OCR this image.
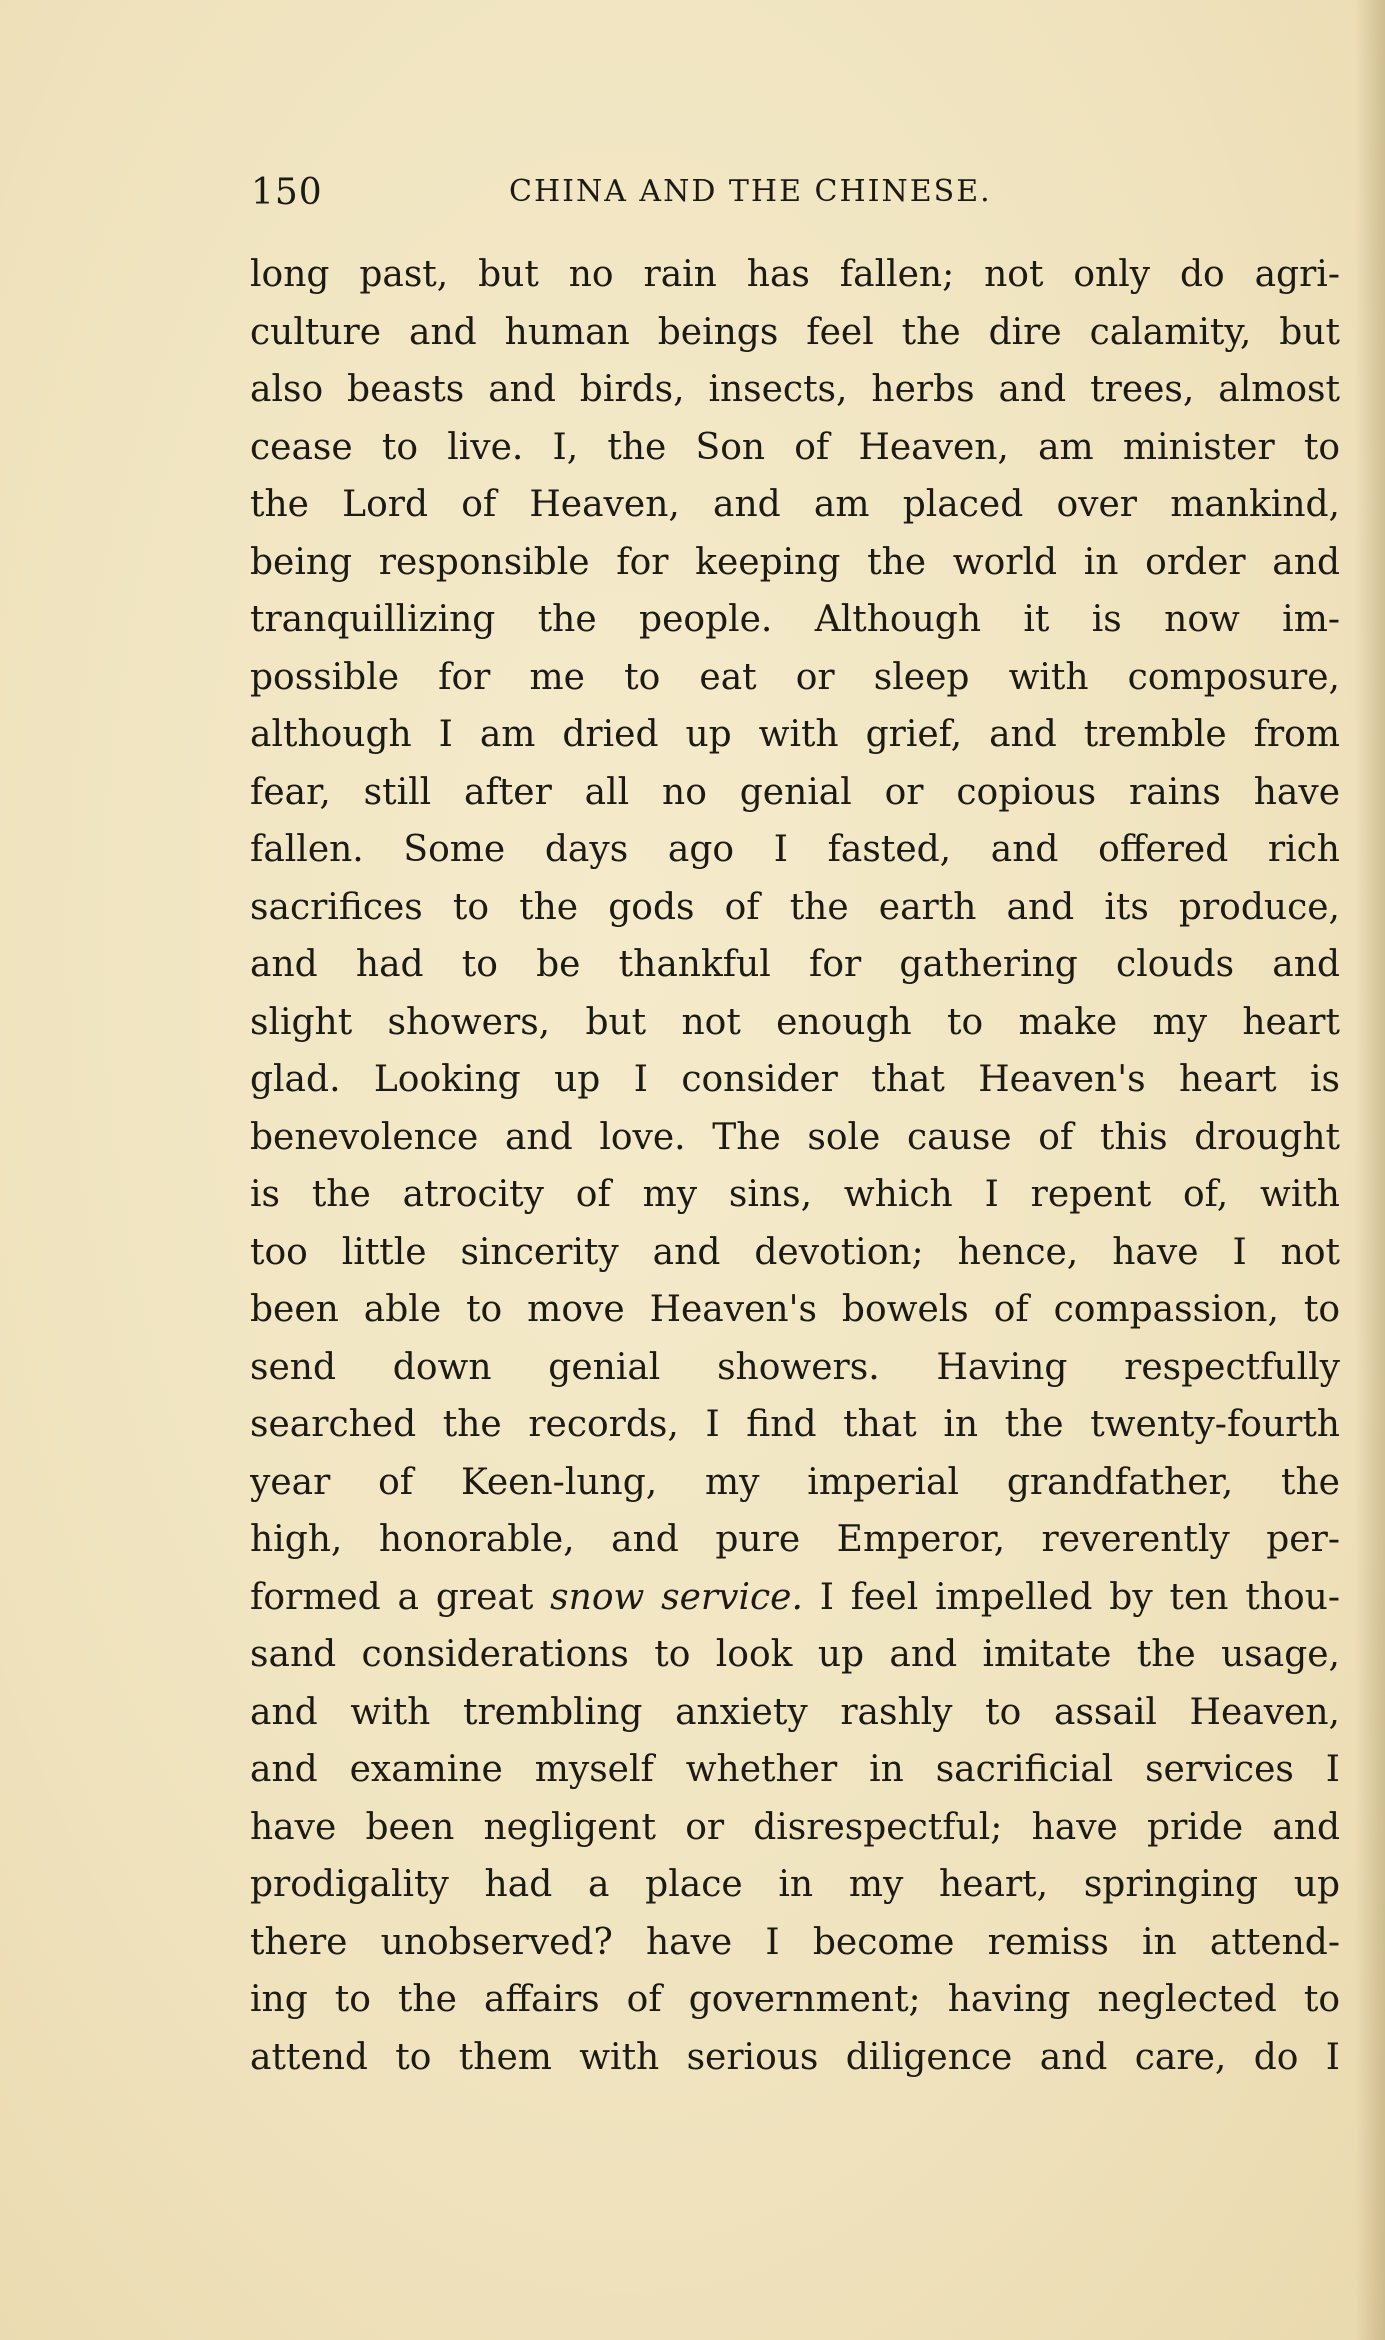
150	CHINA AND THE CHINESE.
long past, but no rain has fallen; not only do agri-
culture and human beings feel the dire calamity, but
also beasts and birds, insects, herbs and trees, almost
cease to live. I, the Son of Heaven, am minister to
the Lord of Heaven, and am placed over mankind,
being responsible for keeping the world in order and
tranquillizing the people. Although it is now im-
possible for me to eat or sleep with composure,
although I am dried up with grief, and tremble from
fear, still after all no genial or copious rains have
fallen. Some days ago I fasted, and offered rich
sacrifices to the gods of the earth and its produce,
and had to be thankful for gathering clouds and
slight showers, but not enough to make my heart
glad. Looking up I consider that Heaven's heart is
benevolence and love. The sole cause of this drought
is the atrocity of my sins, which I repent of, with
too little sincerity and devotion; hence, have I not
been able to move Heaven's bowels of compassion, to
send down genial showers. Having respectfully
searched the records, I find that in the twenty-fourth
year of Keen-lung, my imperial grandfather, the
high, honorable, and pure Emperor, reverently per-
formed a great snow service. I feel impelled by ten thou-
sand considerations to look up and imitate the usage,
and with trembling anxiety rashly to assail Heaven,
and examine myself whether in sacrificial services I
have been negligent or disrespectful; have pride and
prodigality had a place in my heart, springing up
there unobserved? have I become remiss in attend-
ing to the affairs of government; having neglected to
attend to them with serious diligence and care, do I
